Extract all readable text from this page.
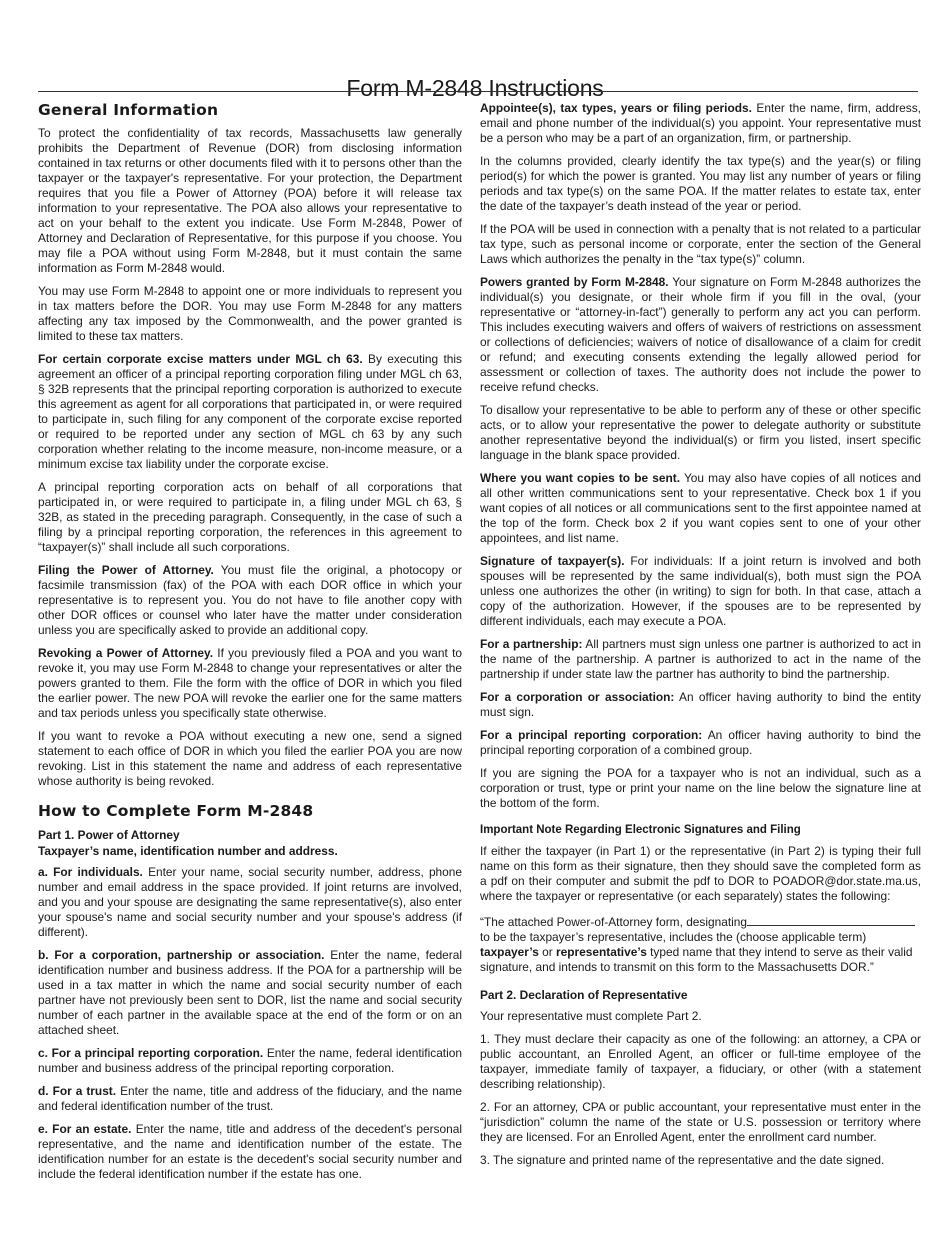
Form M-2848 Instructions
General Information

To protect the confidentiality of tax records, Massachusetts law generally prohibits the Department of Revenue (DOR) from disclosing information contained in tax returns or other documents filed with it to persons other than the taxpayer or the taxpayer's representative. For your protection, the Department requires that you file a Power of Attorney (POA) before it will release tax information to your representative. The POA also allows your representative to act on your behalf to the extent you indicate. Use Form M-2848, Power of Attorney and Declaration of Representative, for this purpose if you choose. You may file a POA without using Form M-2848, but it must contain the same information as Form M-2848 would.

You may use Form M-2848 to appoint one or more individuals to represent you in tax matters before the DOR. You may use Form M-2848 for any matters affecting any tax imposed by the Commonwealth, and the power granted is limited to these tax matters.

For certain corporate excise matters under MGL ch 63. By executing this agreement an officer of a principal reporting corporation filing under MGL ch 63, § 32B represents that the principal reporting corporation is authorized to execute this agreement as agent for all corporations that participated in, or were required to participate in, such filing for any component of the corporate excise reported or required to be reported under any section of MGL ch 63 by any such corporation whether relating to the income measure, non-income measure, or a minimum excise tax liability under the corporate excise.

A principal reporting corporation acts on behalf of all corporations that participated in, or were required to participate in, a filing under MGL ch 63, § 32B, as stated in the preceding paragraph. Consequently, in the case of such a filing by a principal reporting corporation, the references in this agreement to “taxpayer(s)” shall include all such corporations.

Filing the Power of Attorney. You must file the original, a photocopy or facsimile transmission (fax) of the POA with each DOR office in which your representative is to represent you. You do not have to file another copy with other DOR offices or counsel who later have the matter under consideration unless you are specifically asked to provide an additional copy.

Revoking a Power of Attorney. If you previously filed a POA and you want to revoke it, you may use Form M-2848 to change your representatives or alter the powers granted to them. File the form with the office of DOR in which you filed the earlier power. The new POA will revoke the earlier one for the same matters and tax periods unless you specifically state otherwise.

If you want to revoke a POA without executing a new one, send a signed statement to each office of DOR in which you filed the earlier POA you are now revoking. List in this statement the name and address of each representative whose authority is being revoked.

How to Complete Form M-2848

Part 1. Power of Attorney

Taxpayer’s name, identification number and address.

a. For individuals. Enter your name, social security number, address, phone number and email address in the space provided. If joint returns are involved, and you and your spouse are designating the same representative(s), also enter your spouse's name and social security number and your spouse's address (if different).

b. For a corporation, partnership or association. Enter the name, federal identification number and business address. If the POA for a partnership will be used in a tax matter in which the name and social security number of each partner have not previously been sent to DOR, list the name and social security number of each partner in the available space at the end of the form or on an attached sheet.

c. For a principal reporting corporation. Enter the name, federal identification number and business address of the principal reporting corporation.

d. For a trust. Enter the name, title and address of the fiduciary, and the name and federal identification number of the trust.

e. For an estate. Enter the name, title and address of the decedent's personal representative, and the name and identification number of the estate. The identification number for an estate is the decedent's social security number and include the federal identification number if the estate has one.

Appointee(s), tax types, years or filing periods. Enter the name, firm, address, email and phone number of the individual(s) you appoint. Your representative must be a person who may be a part of an organization, firm, or partnership.

In the columns provided, clearly identify the tax type(s) and the year(s) or filing period(s) for which the power is granted. You may list any number of years or filing periods and tax type(s) on the same POA. If the matter relates to estate tax, enter the date of the taxpayer’s death instead of the year or period.

If the POA will be used in connection with a penalty that is not related to a particular tax type, such as personal income or corporate, enter the section of the General Laws which authorizes the penalty in the “tax type(s)” column.

Powers granted by Form M-2848. Your signature on Form M-2848 authorizes the individual(s) you designate, or their whole firm if you fill in the oval, (your representative or “attorney-in-fact”) generally to perform any act you can perform. This includes executing waivers and offers of waivers of restrictions on assessment or collections of deficiencies; waivers of notice of disallowance of a claim for credit or refund; and executing consents extending the legally allowed period for assessment or collection of taxes. The authority does not include the power to receive refund checks.

To disallow your representative to be able to perform any of these or other specific acts, or to allow your representative the power to delegate authority or substitute another representative beyond the individual(s) or firm you listed, insert specific language in the blank space provided.

Where you want copies to be sent. You may also have copies of all notices and all other written communications sent to your representative. Check box 1 if you want copies of all notices or all communications sent to the first appointee named at the top of the form. Check box 2 if you want copies sent to one of your other appointees, and list name.

Signature of taxpayer(s). For individuals: If a joint return is involved and both spouses will be represented by the same individual(s), both must sign the POA unless one authorizes the other (in writing) to sign for both. In that case, attach a copy of the authorization. However, if the spouses are to be represented by different individuals, each may execute a POA.

For a partnership: All partners must sign unless one partner is authorized to act in the name of the partnership. A partner is authorized to act in the name of the partnership if under state law the partner has authority to bind the partnership.

For a corporation or association: An officer having authority to bind the entity must sign.

For a principal reporting corporation: An officer having authority to bind the principal reporting corporation of a combined group.

If you are signing the POA for a taxpayer who is not an individual, such as a corporation or trust, type or print your name on the line below the signature line at the bottom of the form.

Important Note Regarding Electronic Signatures and Filing

If either the taxpayer (in Part 1) or the representative (in Part 2) is typing their full name on this form as their signature, then they should save the completed form as a pdf on their computer and submit the pdf to DOR to POADOR@dor.state.ma.us, where the taxpayer or representative (or each separately) states the following:

“The attached Power-of-Attorney form, designating
to be the taxpayer’s representative, includes the (choose applicable term) taxpayer’s or representative’s typed name that they intend to serve as their valid signature, and intends to transmit on this form to the Massachusetts DOR.”

Part 2. Declaration of Representative

Your representative must complete Part 2.

1. They must declare their capacity as one of the following: an attorney, a CPA or public accountant, an Enrolled Agent, an officer or full-time employee of the taxpayer, immediate family of taxpayer, a fiduciary, or other (with a statement describing relationship).

2. For an attorney, CPA or public accountant, your representative must enter in the “jurisdiction” column the name of the state or U.S. possession or territory where they are licensed. For an Enrolled Agent, enter the enrollment card number.

3. The signature and printed name of the representative and the date signed.
